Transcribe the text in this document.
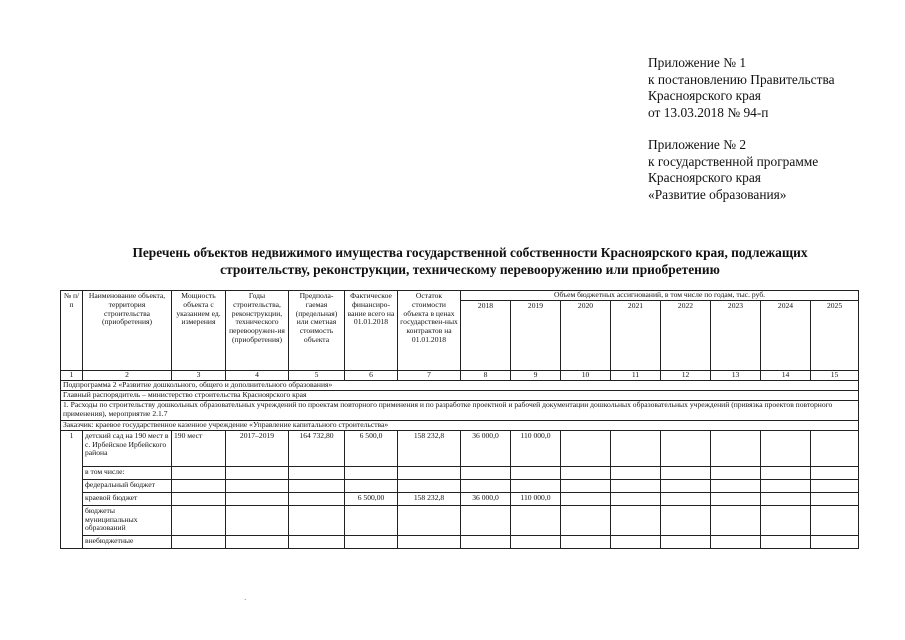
Приложение № 1
к постановлению Правительства
Красноярского края
от 13.03.2018 № 94-п
Приложение № 2
к государственной программе
Красноярского края
«Развитие образования»
Перечень объектов недвижимого имущества государственной собственности Красноярского края, подлежащих
строительству, реконструкции, техническому перевооружению или приобретению
№ п/п	Наименование объекта, территория строительства (приобретения)	Мощность объекта с указанием ед. измерения	Годы строительства, реконструкции, технического перевооружен-ия (приобретения)	Предпола-гаемая (предельная) или сметная стоимость объекта	Фактическое финансиро-вание всего на 01.01.2018	Остаток стоимости объекта в ценах государствен-ных контрактов на 01.01.2018	Объем бюджетных ассигнований, в том числе по годам, тыс. руб.							
							2018	2019	2020	2021	2022	2023	2024	2025
1	2	3	4	5	6	7	8	9	10	11	12	13	14	15
Подпрограмма 2 «Развитие дошкольного, общего и дополнительного образования»														
Главный распорядитель – министерство строительства Красноярского края														
1. Расходы по строительству дошкольных образовательных учреждений по проектам повторного применения и по разработке проектной и рабочей документации дошкольных образовательных учреждений (привязка проектов повторного применения), мероприятие 2.1.7														
Заказчик: краевое государственное казенное учреждение «Управление капитального строительства»														
1	детский сад на 190 мест в с. Ирбейское Ирбейского района	190 мест	2017–2019	164 732,80	6 500,0	158 232,8	36 000,0	110 000,0						
	в том числе:													
	федеральный бюджет													
	краевой бюджет				6 500,00	158 232,8	36 000,0	110 000,0						
	бюджеты муниципальных образований													
	внебюджетные													
·
